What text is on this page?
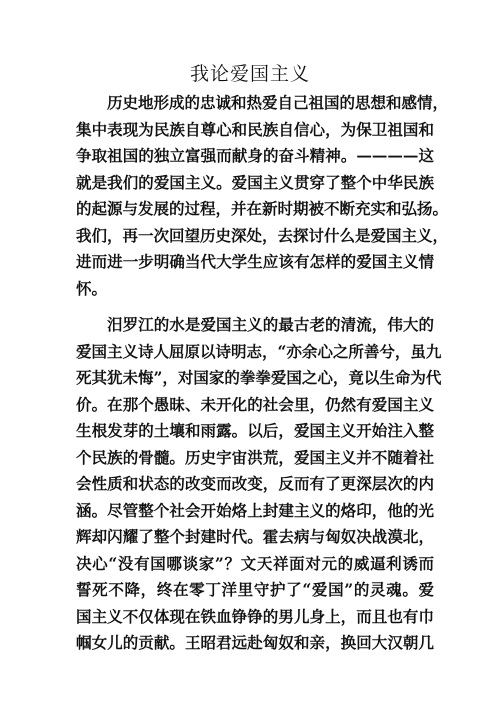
我论爱国主义
历史地形成的忠诚和热爱自己祖国的思想和感情，
集中表现为民族自尊心和民族自信心，为保卫祖国和
争取祖国的独立富强而献身的奋斗精神。————这
就是我们的爱国主义。爱国主义贯穿了整个中华民族
的起源与发展的过程，并在新时期被不断充实和弘扬。
我们，再一次回望历史深处，去探讨什么是爱国主义，
进而进一步明确当代大学生应该有怎样的爱国主义情
怀。
汨罗江的水是爱国主义的最古老的清流，伟大的
爱国主义诗人屈原以诗明志，“亦余心之所善兮，虽九
死其犹未悔”，对国家的拳拳爱国之心，竟以生命为代
价。在那个愚昧、未开化的社会里，仍然有爱国主义
生根发芽的土壤和雨露。以后，爱国主义开始注入整
个民族的骨髓。历史宇宙洪荒，爱国主义并不随着社
会性质和状态的改变而改变，反而有了更深层次的内
涵。尽管整个社会开始烙上封建主义的烙印，他的光
辉却闪耀了整个封建时代。霍去病与匈奴决战漠北，
决心“没有国哪谈家”？文天祥面对元的威逼利诱而
誓死不降，终在零丁洋里守护了“爱国”的灵魂。爱
国主义不仅体现在铁血铮铮的男儿身上，而且也有巾
帼女儿的贡献。王昭君远赴匈奴和亲，换回大汉朝几
